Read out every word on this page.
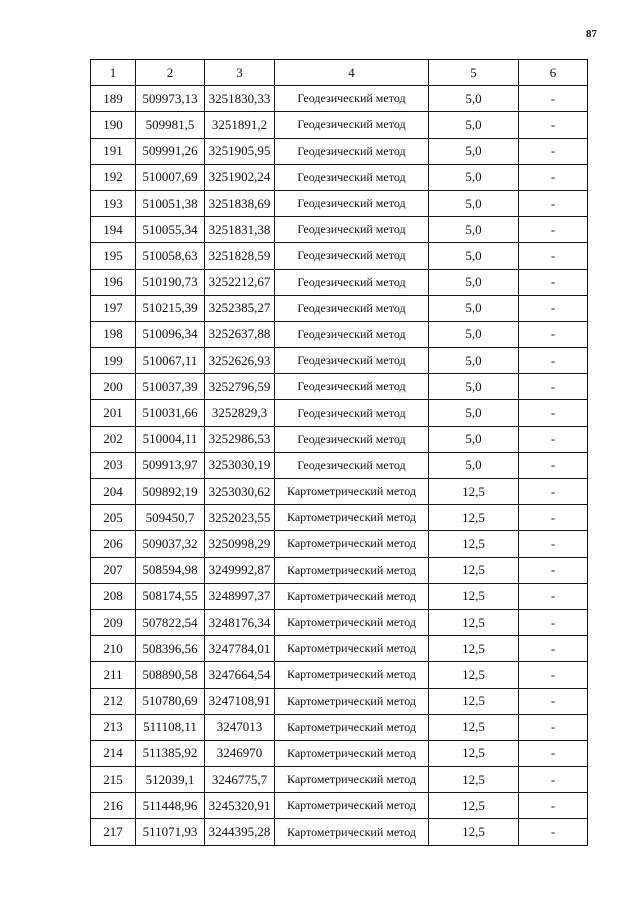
87
1	2	3	4	5	6
189	509973,13	3251830,33	Геодезический метод	5,0	-
190	509981,5	3251891,2	Геодезический метод	5,0	-
191	509991,26	3251905,95	Геодезический метод	5,0	-
192	510007,69	3251902,24	Геодезический метод	5,0	-
193	510051,38	3251838,69	Геодезический метод	5,0	-
194	510055,34	3251831,38	Геодезический метод	5,0	-
195	510058,63	3251828,59	Геодезический метод	5,0	-
196	510190,73	3252212,67	Геодезический метод	5,0	-
197	510215,39	3252385,27	Геодезический метод	5,0	-
198	510096,34	3252637,88	Геодезический метод	5,0	-
199	510067,11	3252626,93	Геодезический метод	5,0	-
200	510037,39	3252796,59	Геодезический метод	5,0	-
201	510031,66	3252829,3	Геодезический метод	5,0	-
202	510004,11	3252986,53	Геодезический метод	5,0	-
203	509913,97	3253030,19	Геодезический метод	5,0	-
204	509892,19	3253030,62	Картометрический метод	12,5	-
205	509450,7	3252023,55	Картометрический метод	12,5	-
206	509037,32	3250998,29	Картометрический метод	12,5	-
207	508594,98	3249992,87	Картометрический метод	12,5	-
208	508174,55	3248997,37	Картометрический метод	12,5	-
209	507822,54	3248176,34	Картометрический метод	12,5	-
210	508396,56	3247784,01	Картометрический метод	12,5	-
211	508890,58	3247664,54	Картометрический метод	12,5	-
212	510780,69	3247108,91	Картометрический метод	12,5	-
213	511108,11	3247013	Картометрический метод	12,5	-
214	511385,92	3246970	Картометрический метод	12,5	-
215	512039,1	3246775,7	Картометрический метод	12,5	-
216	511448,96	3245320,91	Картометрический метод	12,5	-
217	511071,93	3244395,28	Картометрический метод	12,5	-
